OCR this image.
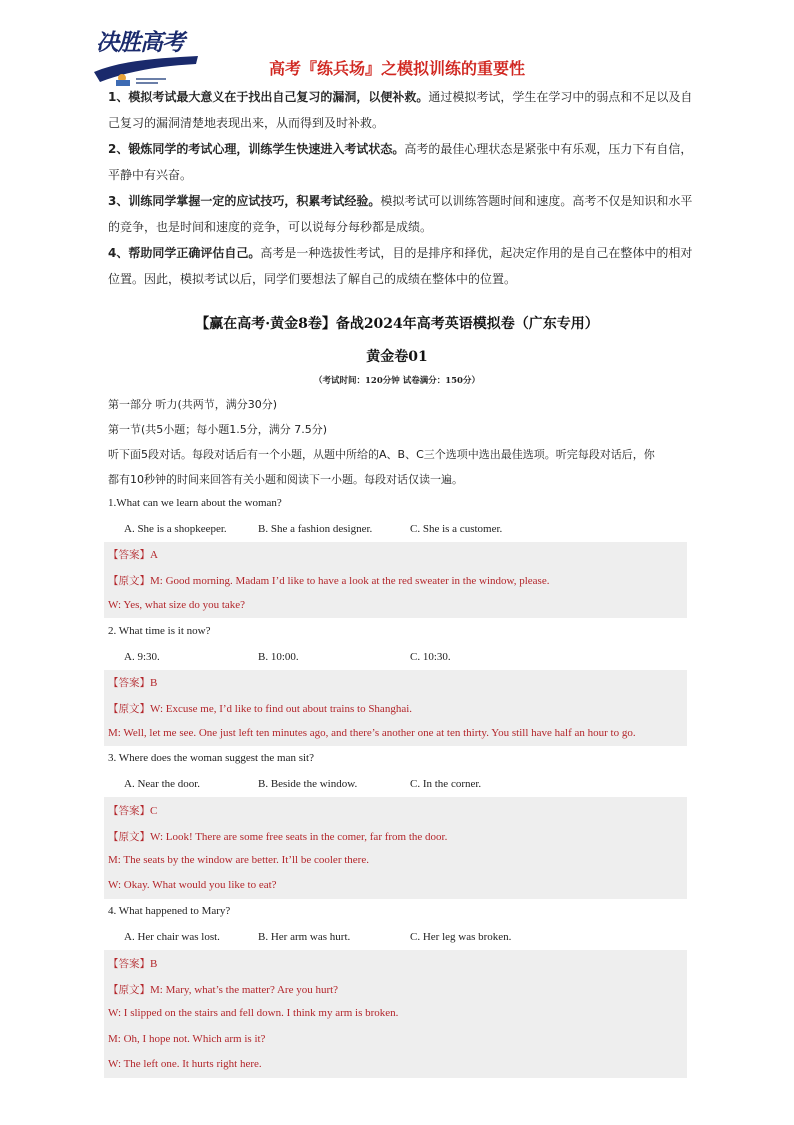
决胜高考
高考『练兵场』之模拟训练的重要性

1、模拟考试最大意义在于找出自己复习的漏洞，以便补救。通过模拟考试，学生在学习中的弱点和不足以及自己复习的漏洞清楚地表现出来，从而得到及时补救。

2、锻炼同学的考试心理，训练学生快速进入考试状态。高考的最佳心理状态是紧张中有乐观，压力下有自信，平静中有兴奋。

3、训练同学掌握一定的应试技巧，积累考试经验。模拟考试可以训练答题时间和速度。高考不仅是知识和水平的竞争，也是时间和速度的竞争，可以说每分每秒都是成绩。

4、帮助同学正确评估自己。高考是一种选拔性考试，目的是排序和择优，起决定作用的是自己在整体中的相对位置。因此，模拟考试以后，同学们要想法了解自己的成绩在整体中的位置。

【赢在高考·黄金8卷】备战2024年高考英语模拟卷（广东专用）
黄金卷01
（考试时间：120分钟 试卷满分：150分）
第一部分 听力(共两节，满分30分)
第一节(共5小题；每小题1.5分，满分 7.5分)
听下面5段对话。每段对话后有一个小题，从题中所给的A、B、C三个选项中选出最佳选项。听完每段对话后，你
都有10秒钟的时间来回答有关小题和阅读下一小题。每段对话仅读一遍。
1.What can we learn about the woman?
A. She is a shopkeeper.	B. She a fashion designer.	C. She is a customer.
【答案】A
【原文】M: Good morning. Madam I’d like to have a look at the red sweater in the window, please.
W: Yes, what size do you take?
2. What time is it now?
A. 9:30.	B. 10:00.	C. 10:30.
【答案】B
【原文】W: Excuse me, I’d like to find out about trains to Shanghai.
M: Well, let me see. One just left ten minutes ago, and there’s another one at ten thirty. You still have half an hour to go.
3. Where does the woman suggest the man sit?
A. Near the door.	B. Beside the window.	C. In the corner.
【答案】C
【原文】W: Look! There are some free seats in the comer, far from the door.
M: The seats by the window are better. It’ll be cooler there.
W: Okay. What would you like to eat?
4. What happened to Mary?
A. Her chair was lost.	B. Her arm was hurt.	C. Her leg was broken.
【答案】B
【原文】M: Mary, what’s the matter? Are you hurt?
W: I slipped on the stairs and fell down. I think my arm is broken.
M: Oh, I hope not. Which arm is it?
W: The left one. It hurts right here.
